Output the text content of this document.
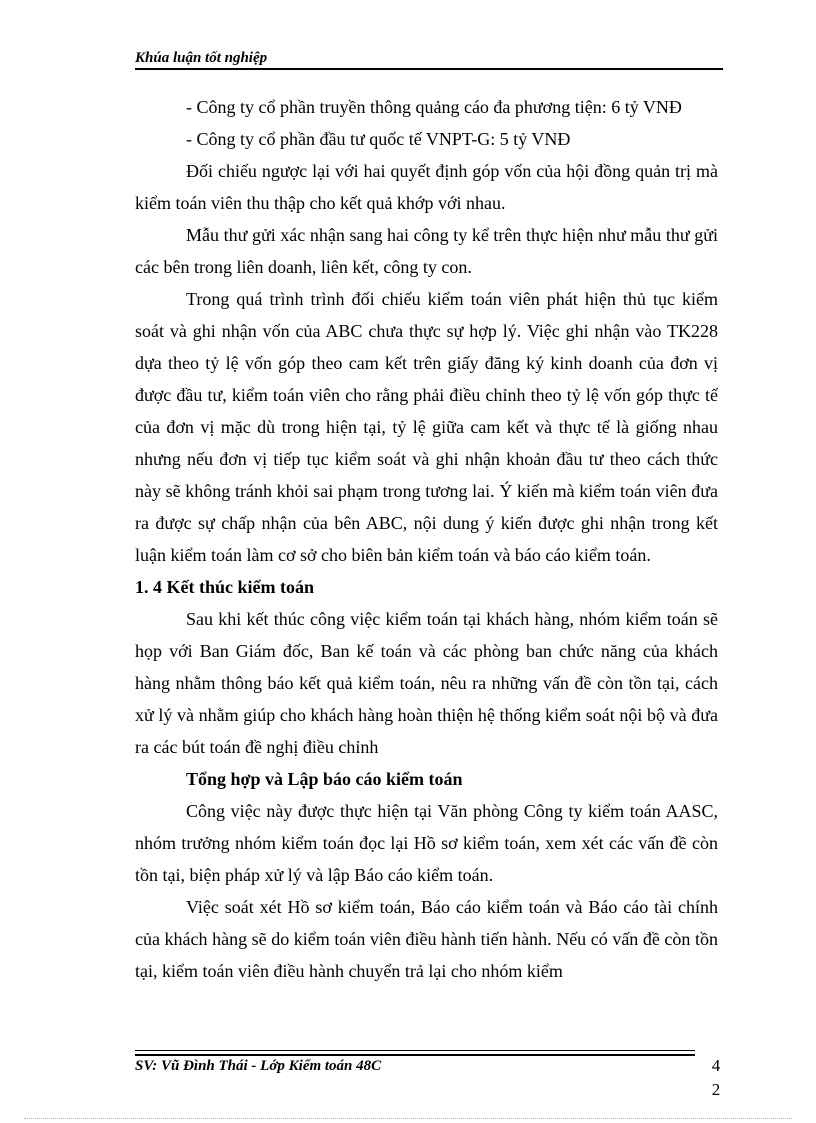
Khúa luận tốt nghiệp

- Công ty cổ phần truyền thông quảng cáo đa phương tiện: 6 tỷ VNĐ

- Công ty cổ phần đầu tư quốc tế VNPT-G: 5 tỷ VNĐ

Đối chiếu ngược lại với hai quyết định góp vốn của hội đồng quản trị mà kiểm toán viên thu thập cho kết quả khớp với nhau.

Mẫu thư gửi xác nhận sang hai công ty kể trên thực hiện như mẫu thư gửi các bên trong liên doanh, liên kết, công ty con.

Trong quá trình trình đối chiếu kiểm toán viên phát hiện thủ tục kiểm soát và ghi nhận vốn của ABC chưa thực sự hợp lý. Việc ghi nhận vào TK228 dựa theo tỷ lệ vốn góp theo cam kết trên giấy đăng ký kinh doanh của đơn vị được đầu tư, kiểm toán viên cho rằng phải điều chỉnh theo tỷ lệ vốn góp thực tế của đơn vị mặc dù trong hiện tại, tỷ lệ giữa cam kết và thực tế là giống nhau nhưng nếu đơn vị tiếp tục kiểm soát và ghi nhận khoản đầu tư theo cách thức này sẽ không tránh khỏi sai phạm trong tương lai. Ý kiến mà kiểm toán viên đưa ra được sự chấp nhận của bên ABC, nội dung ý kiến được ghi nhận trong kết luận kiểm toán làm cơ sở cho biên bản kiểm toán và báo cáo kiểm toán.

1. 4 Kết thúc kiểm toán

Sau khi kết thúc công việc kiểm toán tại khách hàng, nhóm kiểm toán sẽ họp với Ban Giám đốc, Ban kế toán và các phòng ban chức năng của khách hàng nhằm thông báo kết quả kiểm toán, nêu ra những vấn đề còn tồn tại, cách xử lý và nhằm giúp cho khách hàng hoàn thiện hệ thống kiểm soát nội bộ và đưa ra các bút toán đề nghị điều chỉnh

Tổng hợp và Lập báo cáo kiểm toán

Công việc này được thực hiện tại Văn phòng Công ty kiểm toán AASC, nhóm trưởng nhóm kiểm toán đọc lại Hồ sơ kiểm toán, xem xét các vấn đề còn tồn tại, biện pháp xử lý và lập Báo cáo kiểm toán.

Việc soát xét Hồ sơ kiểm toán, Báo cáo kiểm toán và Báo cáo tài chính của khách hàng sẽ do kiểm toán viên điều hành tiến hành. Nếu có vấn đề còn tồn tại, kiểm toán viên điều hành chuyển trả lại cho nhóm kiểm

SV: Vũ Đình Thái - Lớp Kiểm toán 48C	4
2
